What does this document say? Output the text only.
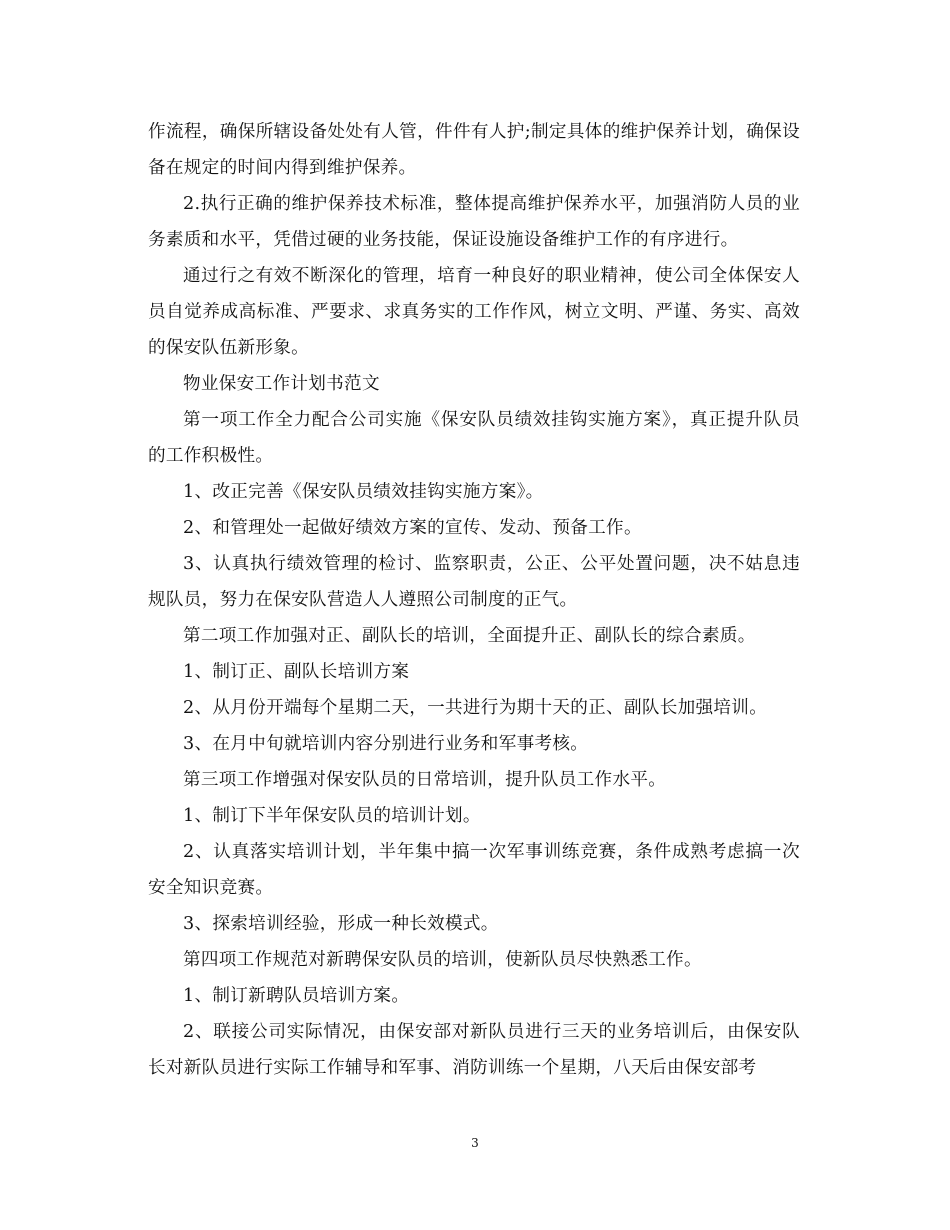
作流程，确保所辖设备处处有人管，件件有人护;制定具体的维护保养计划，确保设备在规定的时间内得到维护保养。

2.执行正确的维护保养技术标准，整体提高维护保养水平，加强消防人员的业务素质和水平，凭借过硬的业务技能，保证设施设备维护工作的有序进行。

通过行之有效不断深化的管理，培育一种良好的职业精神，使公司全体保安人员自觉养成高标准、严要求、求真务实的工作作风，树立文明、严谨、务实、高效的保安队伍新形象。

物业保安工作计划书范文

第一项工作全力配合公司实施《保安队员绩效挂钩实施方案》，真正提升队员的工作积极性。

1、改正完善《保安队员绩效挂钩实施方案》。

2、和管理处一起做好绩效方案的宣传、发动、预备工作。

3、认真执行绩效管理的检讨、监察职责，公正、公平处置问题，决不姑息违规队员，努力在保安队营造人人遵照公司制度的正气。

第二项工作加强对正、副队长的培训，全面提升正、副队长的综合素质。

1、制订正、副队长培训方案

2、从月份开端每个星期二天，一共进行为期十天的正、副队长加强培训。

3、在月中旬就培训内容分别进行业务和军事考核。

第三项工作增强对保安队员的日常培训，提升队员工作水平。

1、制订下半年保安队员的培训计划。

2、认真落实培训计划，半年集中搞一次军事训练竞赛，条件成熟考虑搞一次安全知识竞赛。

3、探索培训经验，形成一种长效模式。

第四项工作规范对新聘保安队员的培训，使新队员尽快熟悉工作。

1、制订新聘队员培训方案。

2、联接公司实际情况，由保安部对新队员进行三天的业务培训后，由保安队长对新队员进行实际工作辅导和军事、消防训练一个星期，八天后由保安部考

3
